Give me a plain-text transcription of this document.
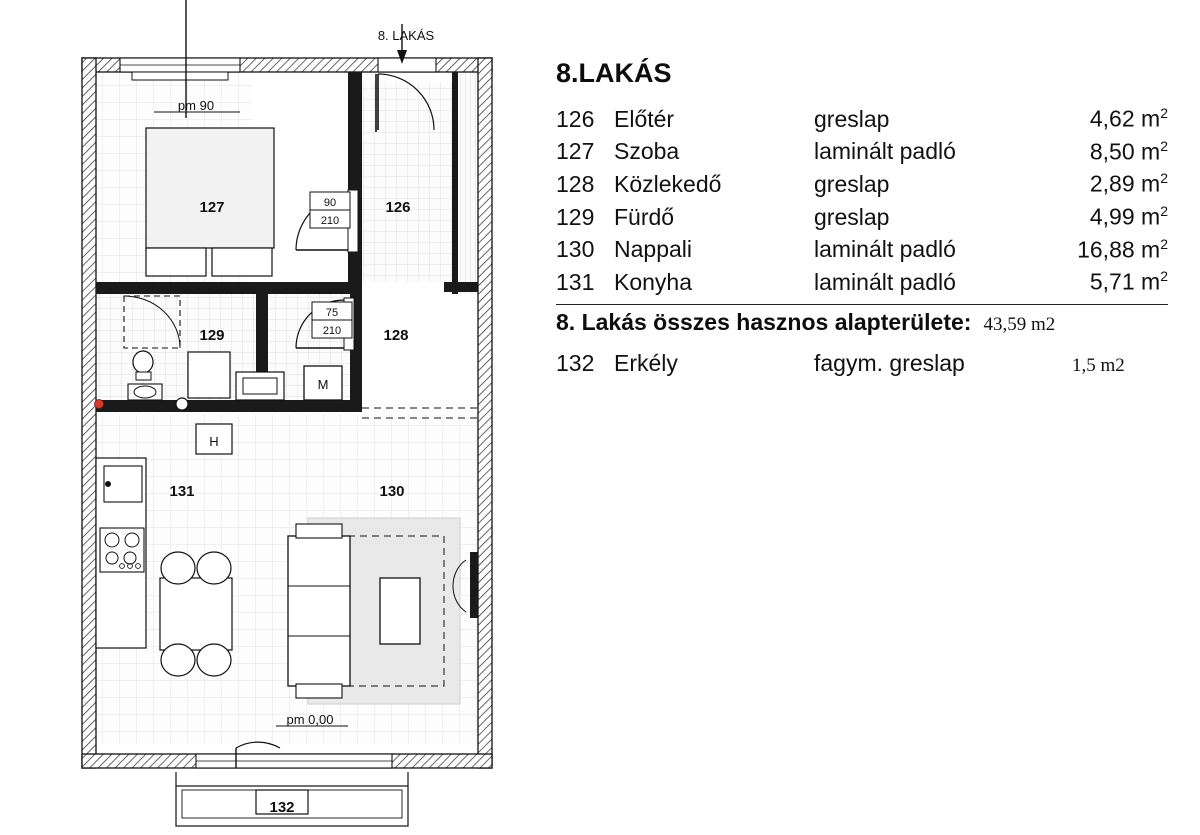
90
210
75
210
M
H
8. LAKÁS
pm 90
pm 0,00
127	126
129	128
131	130
132
8.LAKÁS
126	Előtér	greslap	4,62 $m^2$
127	Szoba	laminált padló	8,50 $m^2$
128	Közlekedő	greslap	2,89 $m^2$
129	Fürdő	greslap	4,99 $m^2$
130	Nappali	laminált padló	16,88 $m^2$
131	Konyha	laminált padló	5,71 $m^2$
8. Lakás összes hasznos alapterülete: 43,59 m2
132 Erkély	fagym. greslap	1,5 m2
